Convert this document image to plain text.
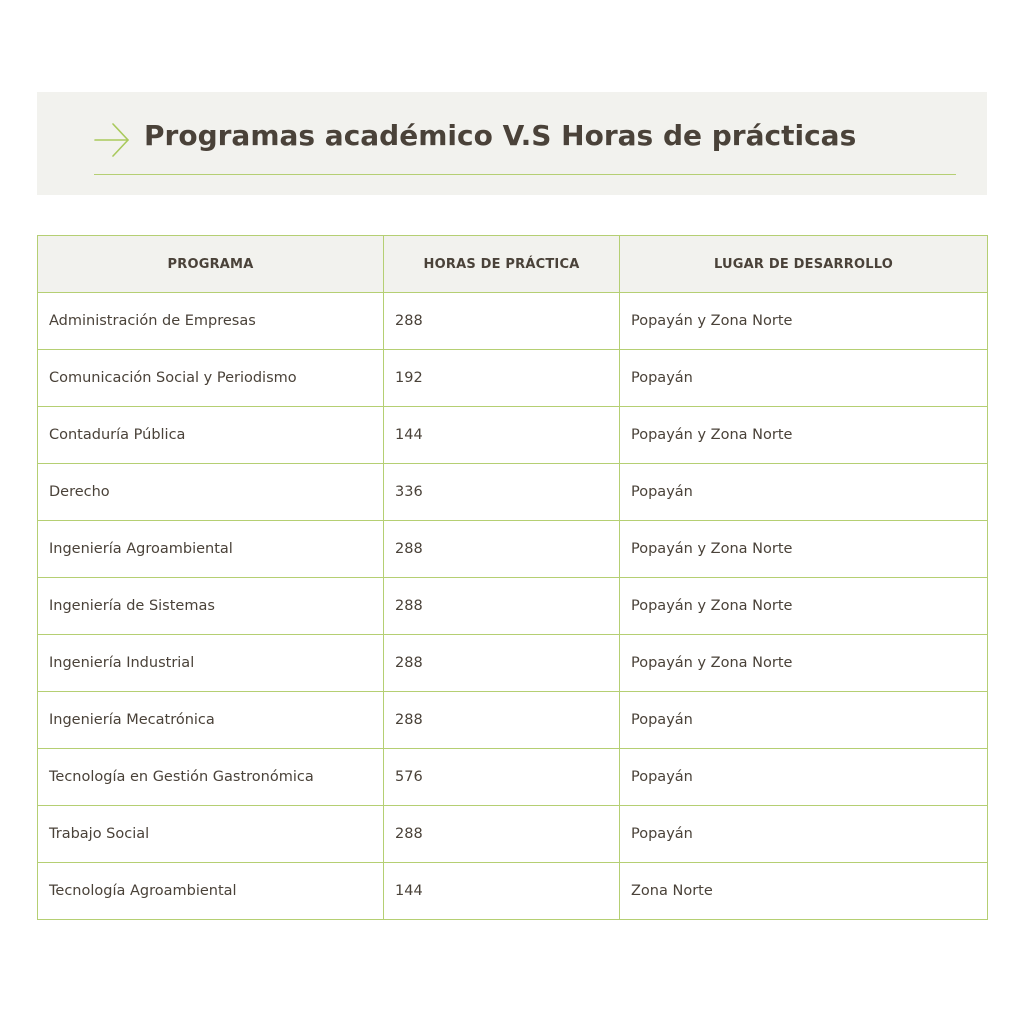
Programas académico V.S Horas de prácticas
PROGRAMA	HORAS DE PRÁCTICA	LUGAR DE DESARROLLO
Administración de Empresas	288	Popayán y Zona Norte
Comunicación Social y Periodismo	192	Popayán
Contaduría Pública	144	Popayán y Zona Norte
Derecho	336	Popayán
Ingeniería Agroambiental	288	Popayán y Zona Norte
Ingeniería de Sistemas	288	Popayán y Zona Norte
Ingeniería Industrial	288	Popayán y Zona Norte
Ingeniería Mecatrónica	288	Popayán
Tecnología en Gestión Gastronómica	576	Popayán
Trabajo Social	288	Popayán
Tecnología Agroambiental	144	Zona Norte
